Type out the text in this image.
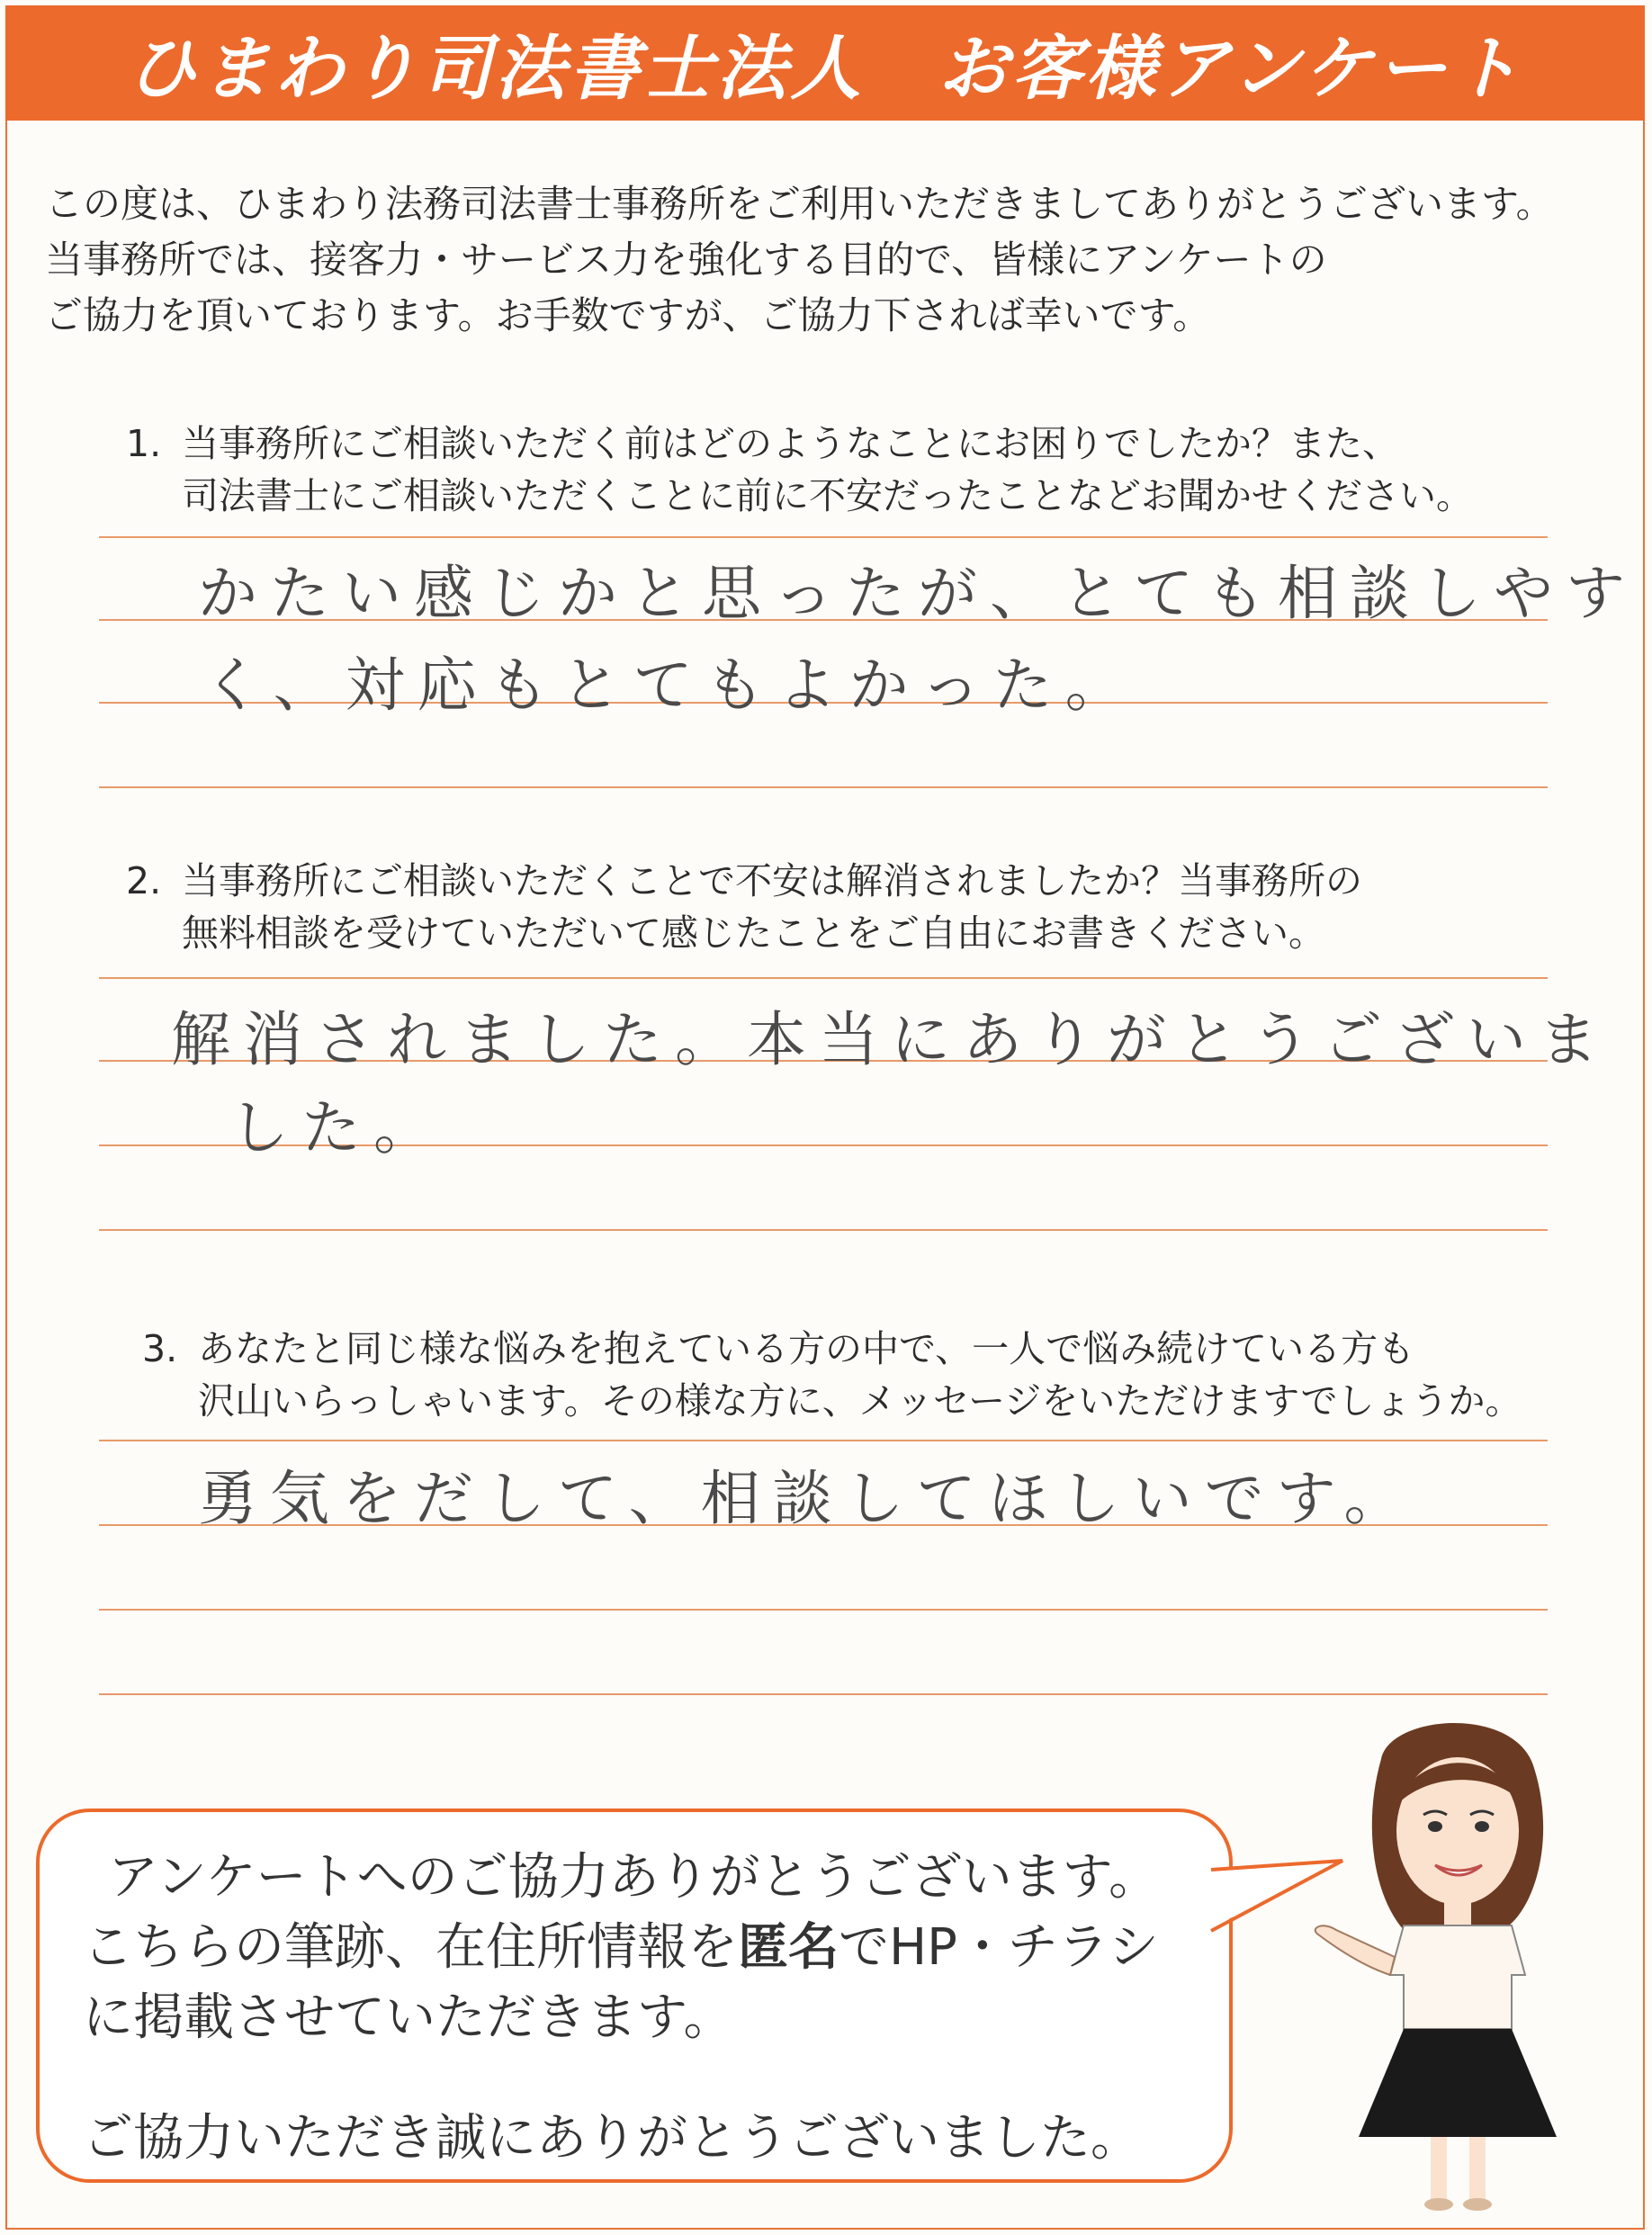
ひまわり司法書士法人　お客様アンケート
この度は、ひまわり法務司法書士事務所をご利用いただきましてありがとうございます。
当事務所では、接客力・サービス力を強化する目的で、皆様にアンケートの
ご協力を頂いております。お手数ですが、ご協力下されば幸いです。
1. 当事務所にご相談いただく前はどのようなことにお困りでしたか？また、
司法書士にご相談いただくことに前に不安だったことなどお聞かせください。
かたい感じかと思ったが、とても相談しやす
く、対応もとてもよかった。
2. 当事務所にご相談いただくことで不安は解消されましたか？当事務所の
無料相談を受けていただいて感じたことをご自由にお書きください。
解消されました。本当にありがとうございま
した。
3. あなたと同じ様な悩みを抱えている方の中で、一人で悩み続けている方も
沢山いらっしゃいます。その様な方に、メッセージをいただけますでしょうか。
勇気をだして、相談してほしいです。
アンケートへのご協力ありがとうございます。
こちらの筆跡、在住所情報を匿名でHP・チラシ
に掲載させていただきます。
ご協力いただき誠にありがとうございました。
